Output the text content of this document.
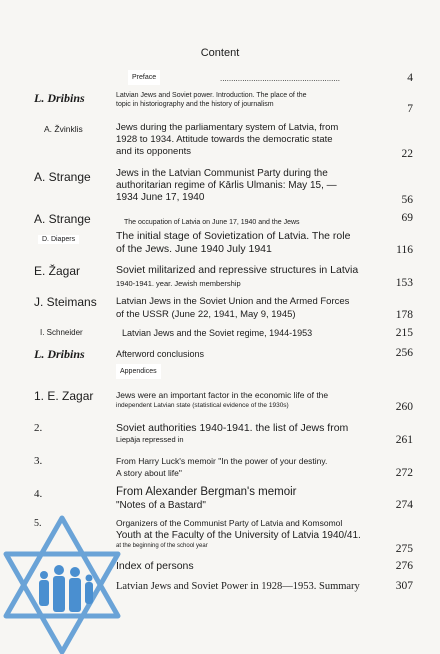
Content
Preface	......................................................	4
L. Dribins	Latvian Jews and Soviet power. Introduction. The place of the
topic in historiography and the history of journalism	7
A. Žvinklis	Jews during the parliamentary system of Latvia, from
1928 to 1934. Attitude towards the democratic state
and its opponents	22
A. Strange	Jews in the Latvian Communist Party during the
authoritarian regime of Kārlis Ulmanis: May 15, —
1934 June 17, 1940	56
A. Strange	The occupation of Latvia on June 17, 1940 and the Jews	69
D. Diapers	The initial stage of Sovietization of Latvia. The role
of the Jews. June 1940 July 1941	116
E. Žagar	Soviet militarized and repressive structures in Latvia
1940-1941. year. Jewish membership	153
J. Steimans Latvian Jews in the Soviet Union and the Armed Forces
of the USSR (June 22, 1941, May 9, 1945)	178
I. Schneider	Latvian Jews and the Soviet regime, 1944-1953	215
L. Dribins	Afterword conclusions	256
Appendices
1. E. Zagar	Jews were an important factor in the economic life of the
independent Latvian state (statistical evidence of the 1930s)	260
2.	Soviet authorities 1940-1941. the list of Jews from
Liepāja repressed in	261
3.	From Harry Luck's memoir "In the power of your destiny.
A story about life"	272
4.	From Alexander Bergman's memoir
"Notes of a Bastard"	274
5.	Organizers of the Communist Party of Latvia and Komsomol
Youth at the Faculty of the University of Latvia 1940/41.
at the beginning of the school year	275
Index of persons	276
Latvian Jews and Soviet Power in 1928—1953. Summary	307
